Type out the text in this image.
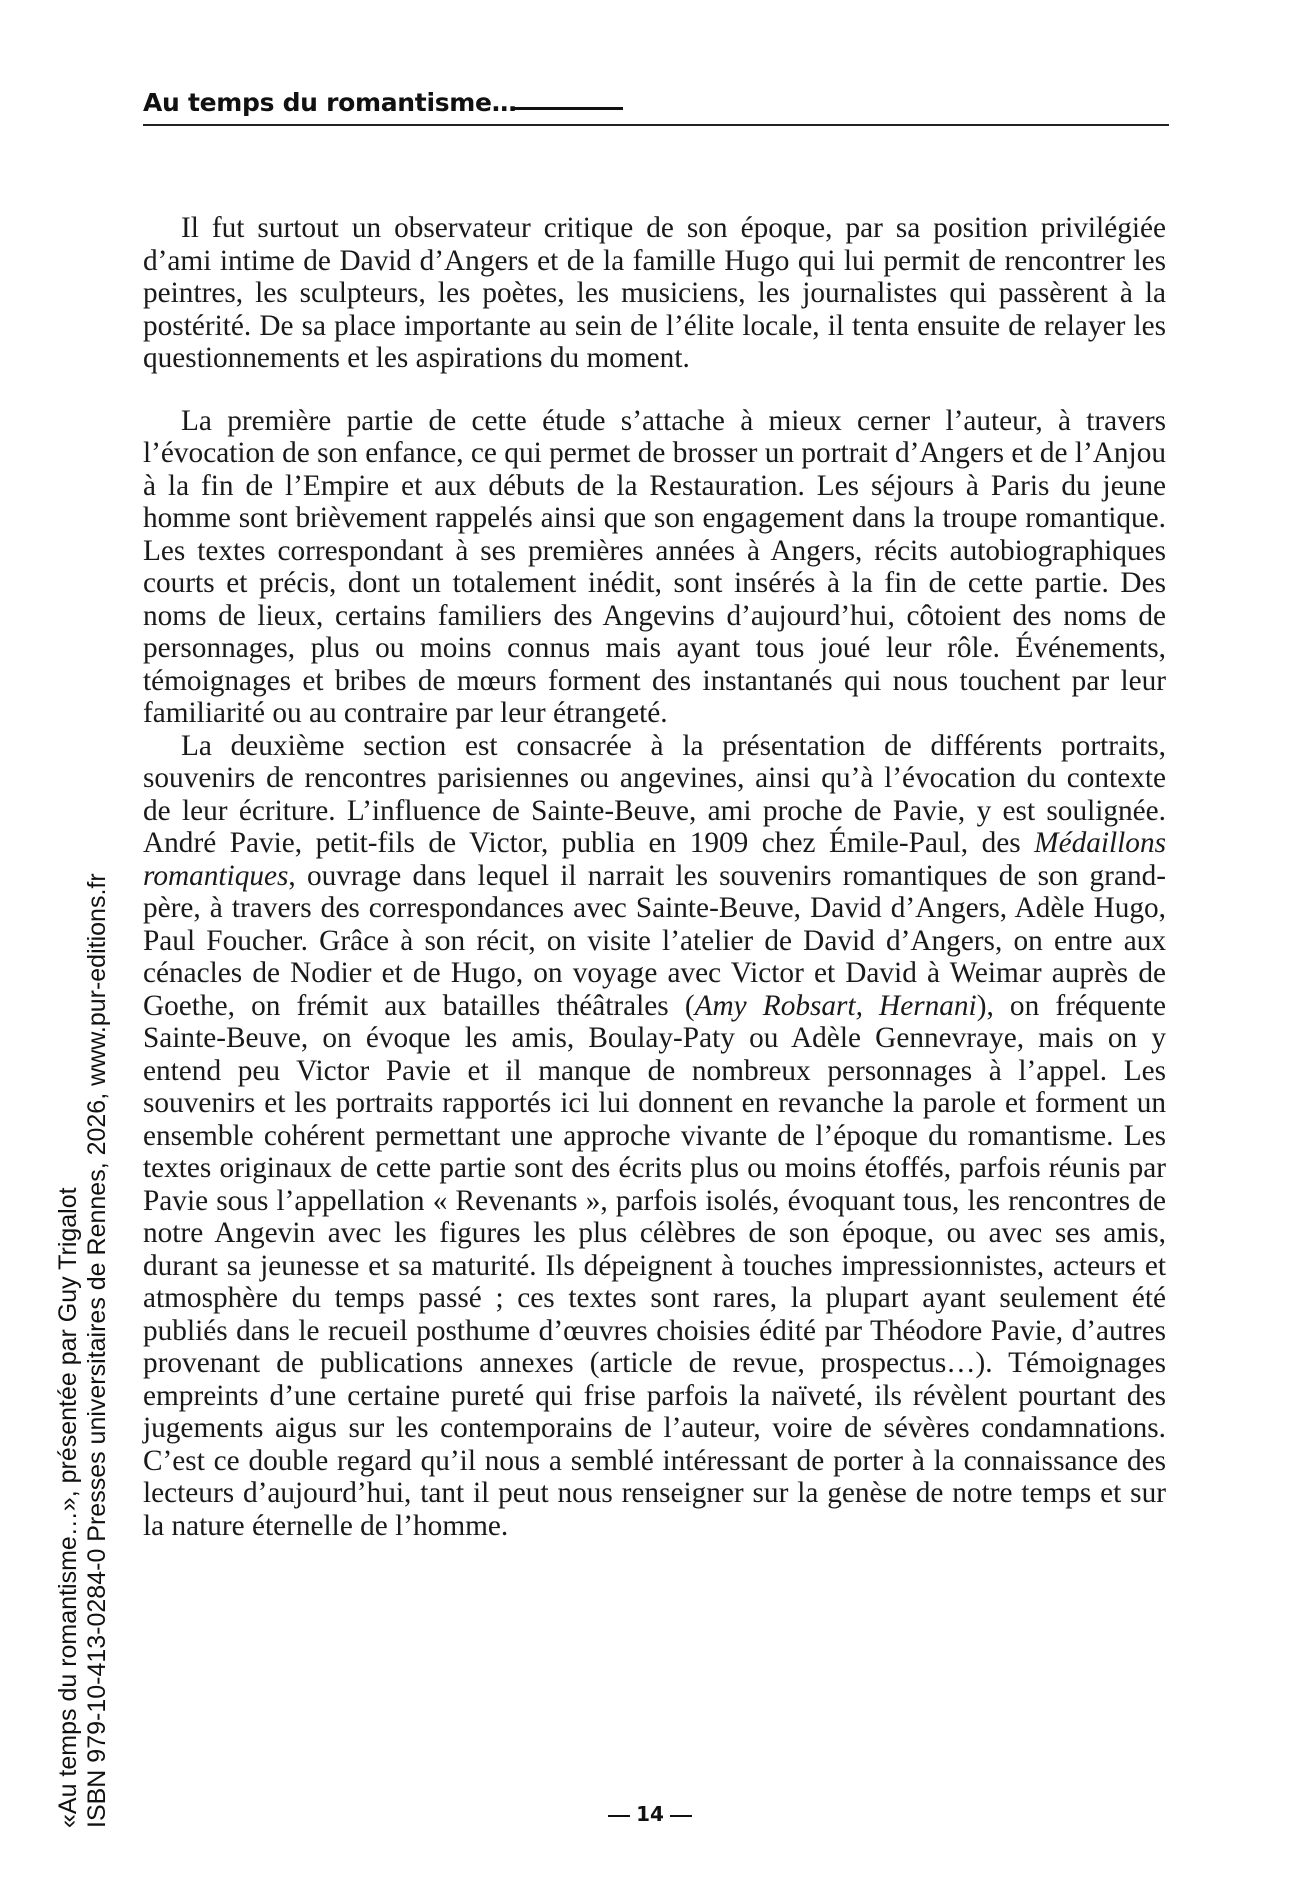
Au temps du romantisme…

Il fut surtout un observateur critique de son époque, par sa position privilégiée d’ami intime de David d’Angers et de la famille Hugo qui lui permit de rencontrer les peintres, les sculpteurs, les poètes, les musiciens, les journalistes qui passèrent à la postérité. De sa place importante au sein de l’élite locale, il tenta ensuite de relayer les questionnements et les aspirations du moment.

La première partie de cette étude s’attache à mieux cerner l’auteur, à travers l’évocation de son enfance, ce qui permet de brosser un portrait d’Angers et de l’Anjou à la fin de l’Empire et aux débuts de la Restauration. Les séjours à Paris du jeune homme sont brièvement rappelés ainsi que son engagement dans la troupe romantique. Les textes correspondant à ses premières années à Angers, récits autobiographiques courts et précis, dont un totalement inédit, sont insérés à la fin de cette partie. Des noms de lieux, certains familiers des Angevins d’aujourd’hui, côtoient des noms de personnages, plus ou moins connus mais ayant tous joué leur rôle. Événements, témoignages et bribes de mœurs forment des instantanés qui nous touchent par leur familiarité ou au contraire par leur étrangeté.

La deuxième section est consacrée à la présentation de différents portraits, souvenirs de rencontres parisiennes ou angevines, ainsi qu’à l’évocation du contexte de leur écriture. L’influence de Sainte-Beuve, ami proche de Pavie, y est soulignée. André Pavie, petit-fils de Victor, publia en 1909 chez Émile-Paul, des Médaillons romantiques, ouvrage dans lequel il narrait les souvenirs romantiques de son grand-père, à travers des correspondances avec Sainte-Beuve, David d’Angers, Adèle Hugo, Paul Foucher. Grâce à son récit, on visite l’atelier de David d’Angers, on entre aux cénacles de Nodier et de Hugo, on voyage avec Victor et David à Weimar auprès de Goethe, on frémit aux batailles théâtrales (Amy Robsart, Hernani), on fréquente Sainte-Beuve, on évoque les amis, Boulay-Paty ou Adèle Gennevraye, mais on y entend peu Victor Pavie et il manque de nombreux personnages à l’appel. Les souvenirs et les portraits rapportés ici lui donnent en revanche la parole et forment un ensemble cohérent permettant une approche vivante de l’époque du romantisme. Les textes originaux de cette partie sont des écrits plus ou moins étoffés, parfois réunis par Pavie sous l’appellation « Revenants », parfois isolés, évoquant tous, les rencontres de notre Angevin avec les figures les plus célèbres de son époque, ou avec ses amis, durant sa jeunesse et sa maturité. Ils dépeignent à touches impressionnistes, acteurs et atmosphère du temps passé ; ces textes sont rares, la plupart ayant seulement été publiés dans le recueil posthume d’œuvres choisies édité par Théodore Pavie, d’autres provenant de publications annexes (article de revue, prospectus…). Témoignages empreints d’une certaine pureté qui frise parfois la naïveté, ils révèlent pourtant des jugements aigus sur les contemporains de l’auteur, voire de sévères condamnations. C’est ce double regard qu’il nous a semblé intéressant de porter à la connaissance des lecteurs d’aujourd’hui, tant il peut nous renseigner sur la genèse de notre temps et sur la nature éternelle de l’homme.

«Au temps du romantisme…», présentée par Guy Trigalot ISBN 979-10-413-0284-0 Presses universitaires de Rennes, 2026, www.pur-editions.fr	14
